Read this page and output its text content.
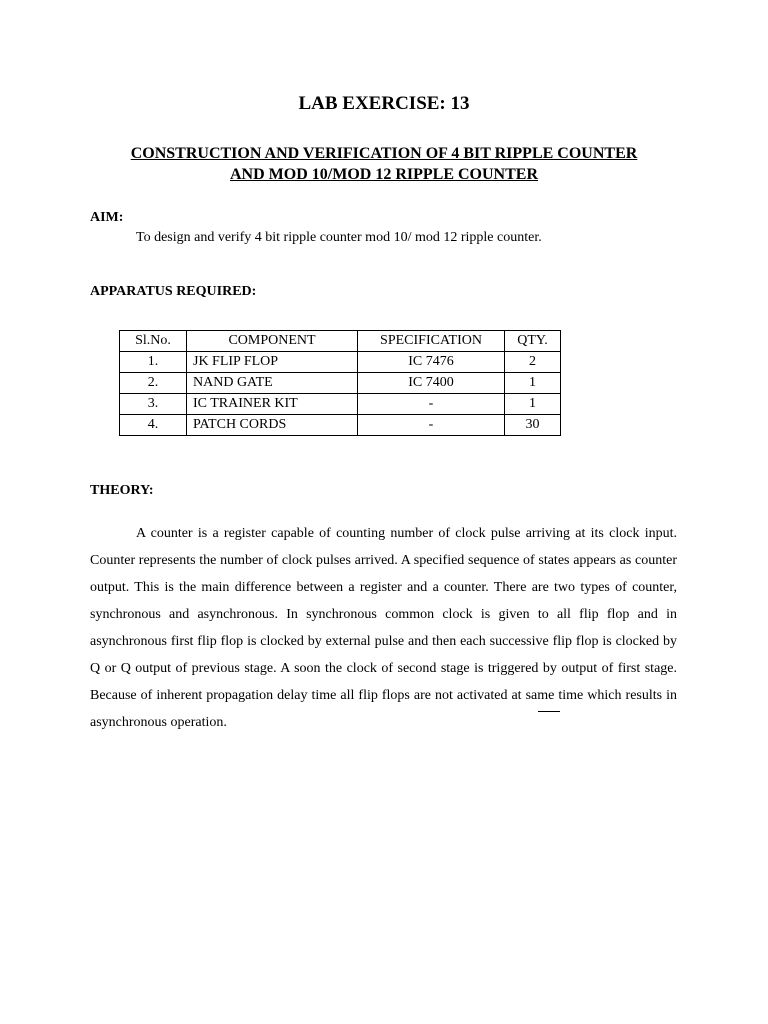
LAB EXERCISE: 13
CONSTRUCTION AND VERIFICATION OF 4 BIT RIPPLE COUNTER
AND MOD 10/MOD 12 RIPPLE COUNTER

AIM:

To design and verify 4 bit ripple counter mod 10/ mod 12 ripple counter.

APPARATUS REQUIRED:

Sl.No.	COMPONENT	SPECIFICATION	QTY.
1.	JK FLIP FLOP	IC 7476	2
2.	NAND GATE	IC 7400	1
3.	IC TRAINER KIT	-	1
4.	PATCH CORDS	-	30

THEORY:

A counter is a register capable of counting number of clock pulse arriving at its clock input. Counter represents the number of clock pulses arrived. A specified sequence of states appears as counter output. This is the main difference between a register and a counter. There are two types of counter, synchronous and asynchronous. In synchronous common clock is given to all flip flop and in asynchronous first flip flop is clocked by external pulse and then each successive flip flop is clocked by Q or Q output of previous stage. A soon the clock of second stage is triggered by output of first stage. Because of inherent propagation delay time all flip flops are not activated at same time which results in asynchronous operation.
